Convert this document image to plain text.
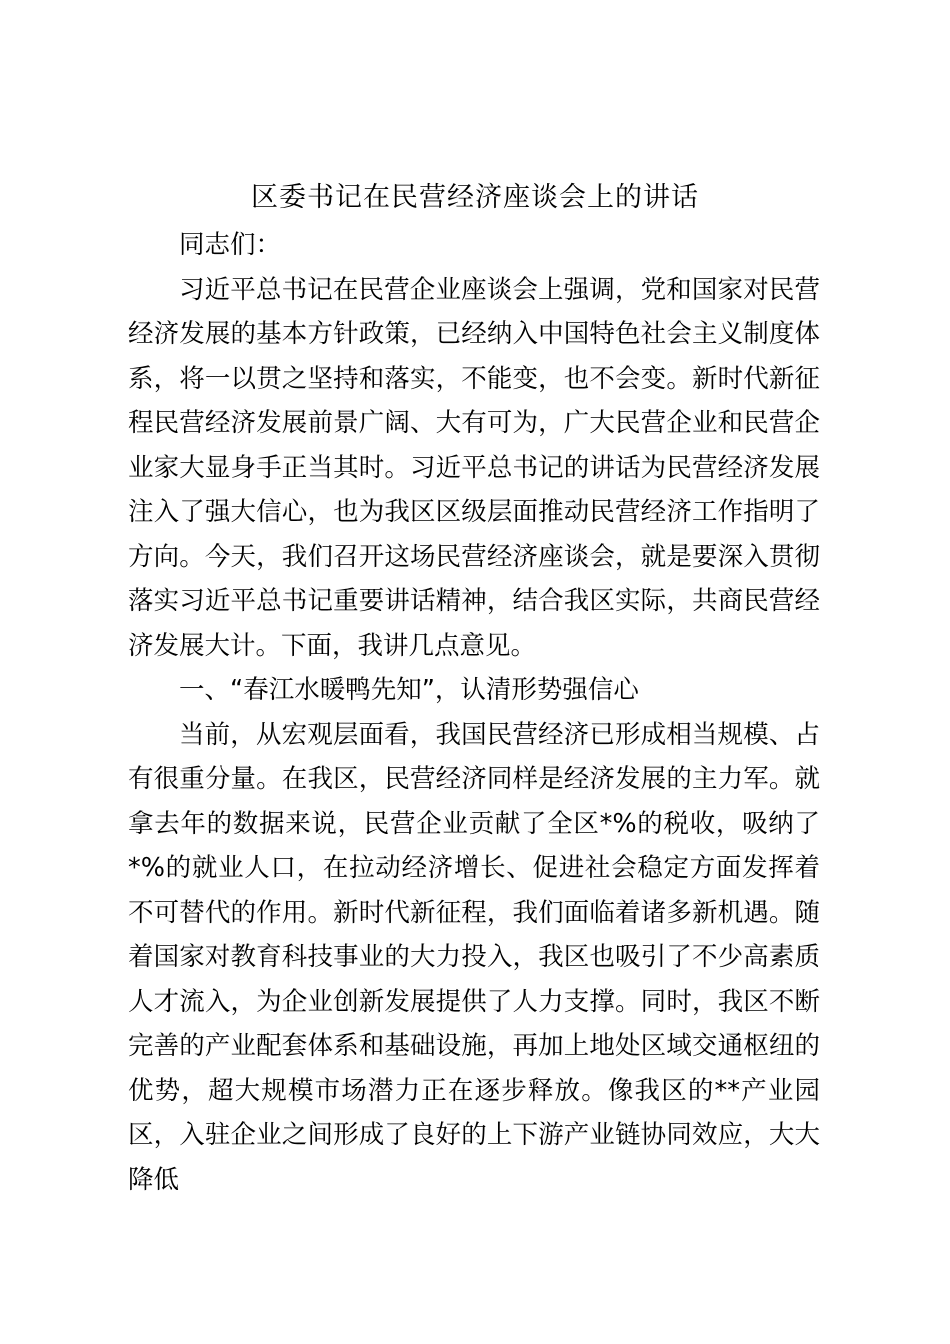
区委书记在民营经济座谈会上的讲话

同志们：

习近平总书记在民营企业座谈会上强调，党和国家对民营经济发展的基本方针政策，已经纳入中国特色社会主义制度体系，将一以贯之坚持和落实，不能变，也不会变。新时代新征程民营经济发展前景广阔、大有可为，广大民营企业和民营企业家大显身手正当其时。习近平总书记的讲话为民营经济发展注入了强大信心，也为我区区级层面推动民营经济工作指明了方向。今天，我们召开这场民营经济座谈会，就是要深入贯彻落实习近平总书记重要讲话精神，结合我区实际，共商民营经济发展大计。下面，我讲几点意见。

一、“春江水暖鸭先知”，认清形势强信心

当前，从宏观层面看，我国民营经济已形成相当规模、占有很重分量。在我区，民营经济同样是经济发展的主力军。就拿去年的数据来说，民营企业贡献了全区*%的税收，吸纳了*%的就业人口，在拉动经济增长、促进社会稳定方面发挥着不可替代的作用。新时代新征程，我们面临着诸多新机遇。随着国家对教育科技事业的大力投入，我区也吸引了不少高素质人才流入，为企业创新发展提供了人力支撑。同时，我区不断完善的产业配套体系和基础设施，再加上地处区域交通枢纽的优势，超大规模市场潜力正在逐步释放。像我区的**产业园区，入驻企业之间形成了良好的上下游产业链协同效应，大大降低
